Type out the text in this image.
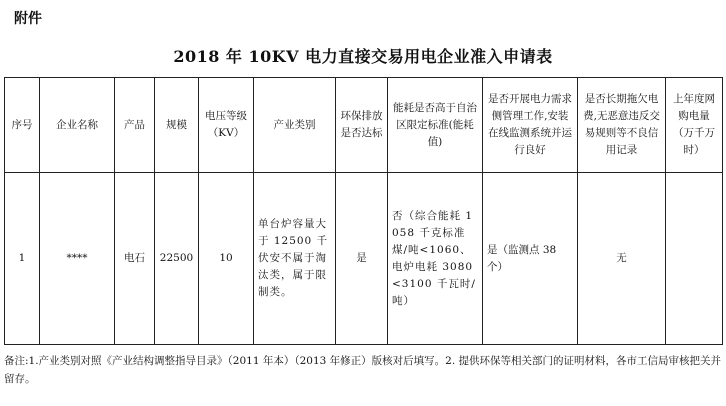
附件
2018 年 10KV 电力直接交易用电企业准入申请表
序号	企业名称	产品	规模	电压等级（KV）	产业类别	环保排放是否达标	能耗是否高于自治区限定标准(能耗值)	是否开展电力需求侧管理工作,安装在线监测系统并运行良好	是否长期拖欠电费,无恶意违反交易规则等不良信用记录	上年度网购电量（万千万时）
1	****	电石	22500	10	单台炉容量大于 12500 千伏安不属于淘汰类，属于限制类。	是	否（综合能耗 1058 千克标准煤/吨<1060、电炉电耗 3080<3100 千瓦时/吨）	是（监测点 38 个）	无	
备注:1.产业类别对照《产业结构调整指导目录》（2011 年本）（2013 年修正）版核对后填写。2. 提供环保等相关部门的证明材料，各市工信局审核把关并留存。
